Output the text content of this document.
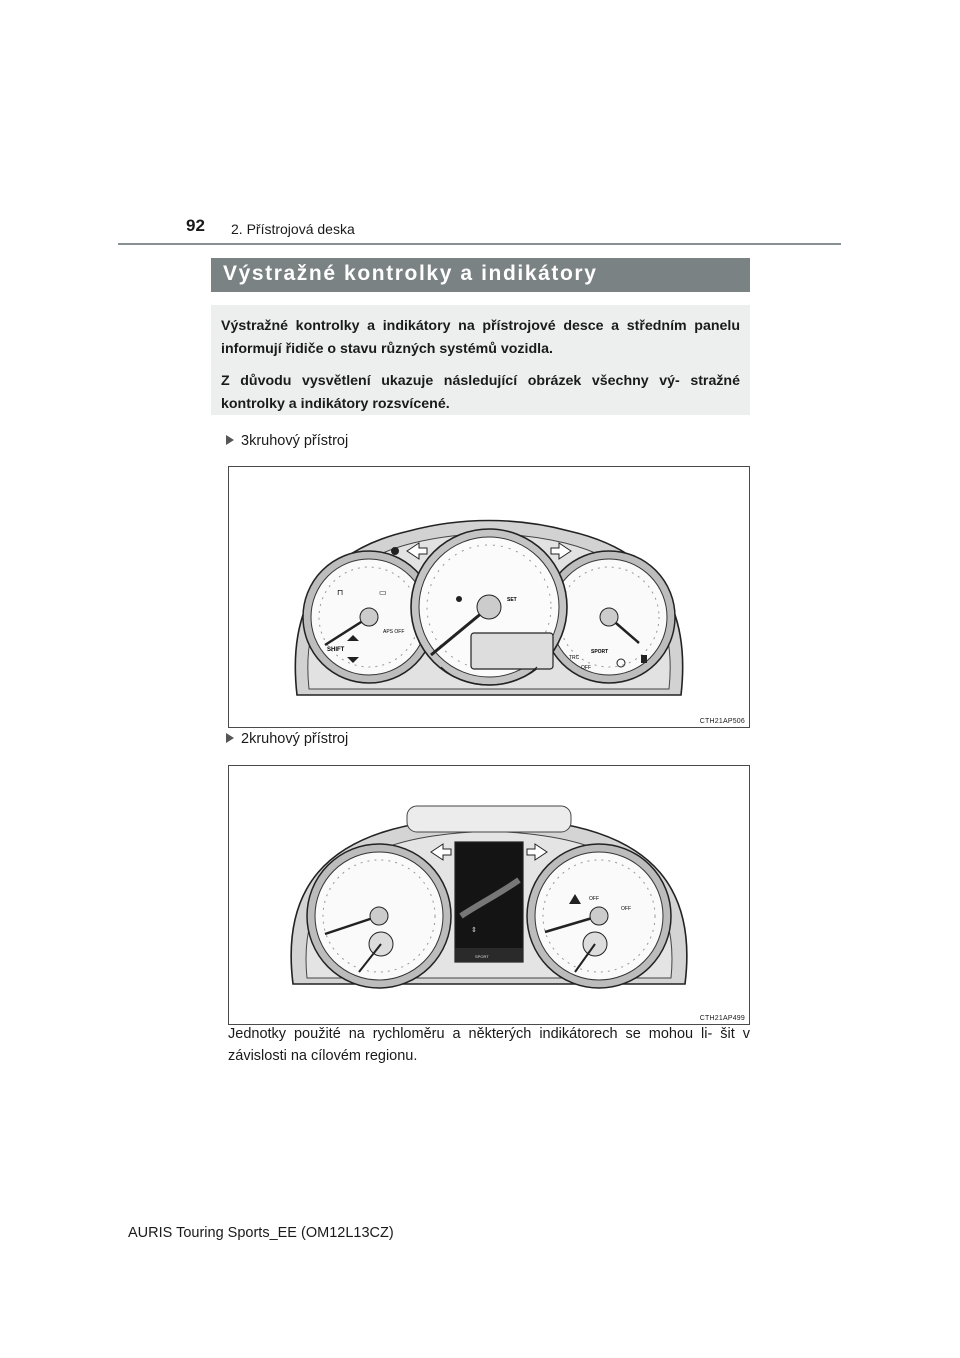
92 2. Přístrojová deska
Výstražné kontrolky a indikátory

Výstražné kontrolky a indikátory na přístrojové desce a středním panelu informují řidiče o stavu různých systémů vozidla.

Z důvodu vysvětlení ukazuje následující obrázek všechny vý- stražné kontrolky a indikátory rozsvícené.

3kruhový přístroj
⊓	▭
APS OFF
SHIFT	SPORT
TRC
OFF
SET
CTH21AP506
2kruhový přístroj
OFF
OFF
SPORT
⇕
CTH21AP499
Jednotky použité na rychloměru a některých indikátorech se mohou li- šit v závislosti na cílovém regionu.
AURIS Touring Sports_EE (OM12L13CZ)
